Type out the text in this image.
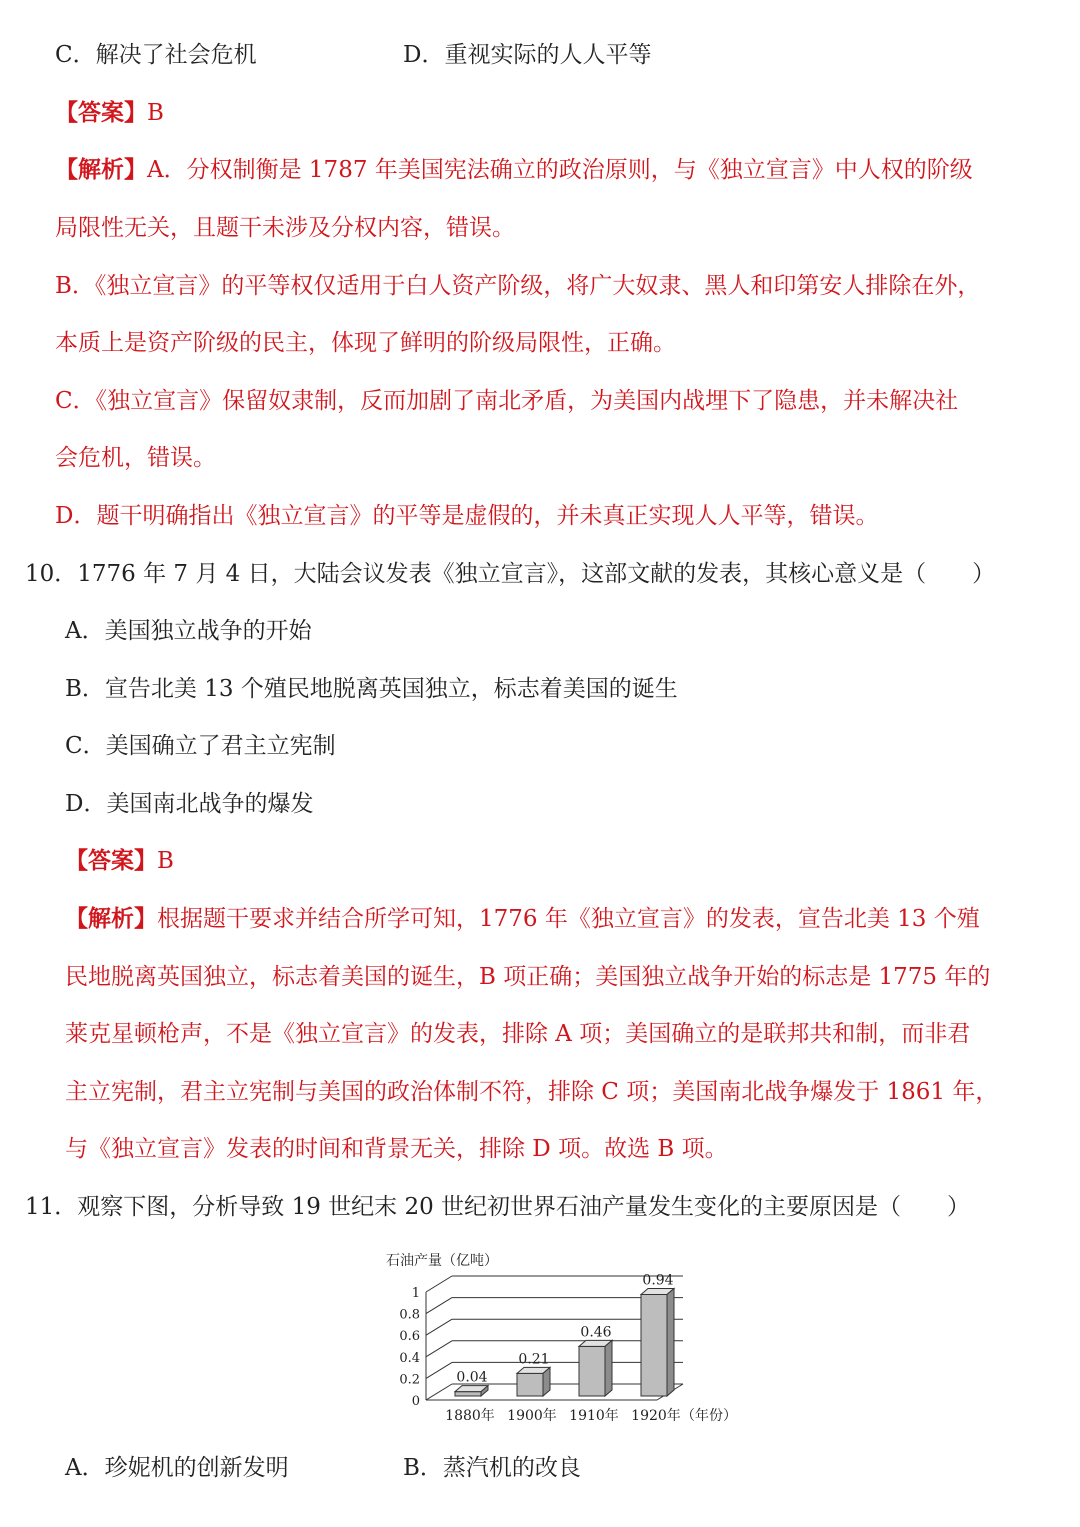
C．解决了社会危机	D．重视实际的人人平等
【答案】B
【解析】A．分权制衡是 1787 年美国宪法确立的政治原则，与《独立宣言》中人权的阶级
局限性无关，且题干未涉及分权内容，错误。
B．《独立宣言》的平等权仅适用于白人资产阶级，将广大奴隶、黑人和印第安人排除在外，
本质上是资产阶级的民主，体现了鲜明的阶级局限性，正确。
C．《独立宣言》保留奴隶制，反而加剧了南北矛盾，为美国内战埋下了隐患，并未解决社
会危机，错误。
D．题干明确指出《独立宣言》的平等是虚假的，并未真正实现人人平等，错误。
10．1776 年 7 月 4 日，大陆会议发表《独立宣言》，这部文献的发表，其核心意义是（　　）
A．美国独立战争的开始
B．宣告北美 13 个殖民地脱离英国独立，标志着美国的诞生
C．美国确立了君主立宪制
D．美国南北战争的爆发
【答案】B
【解析】根据题干要求并结合所学可知，1776 年《独立宣言》的发表，宣告北美 13 个殖
民地脱离英国独立，标志着美国的诞生，B 项正确；美国独立战争开始的标志是 1775 年的
莱克星顿枪声，不是《独立宣言》的发表，排除 A 项；美国确立的是联邦共和制，而非君
主立宪制，君主立宪制与美国的政治体制不符，排除 C 项；美国南北战争爆发于 1861 年，
与《独立宣言》发表的时间和背景无关，排除 D 项。故选 B 项。
11．观察下图，分析导致 19 世纪末 20 世纪初世界石油产量发生变化的主要原因是（　　）
石油产量（亿吨）
0
0.2
0.4
0.6
0.8
1
0.04
0.21
0.46
0.94
1880年 1900年 1910年 1920年 （年份）
A．珍妮机的创新发明	B．蒸汽机的改良
